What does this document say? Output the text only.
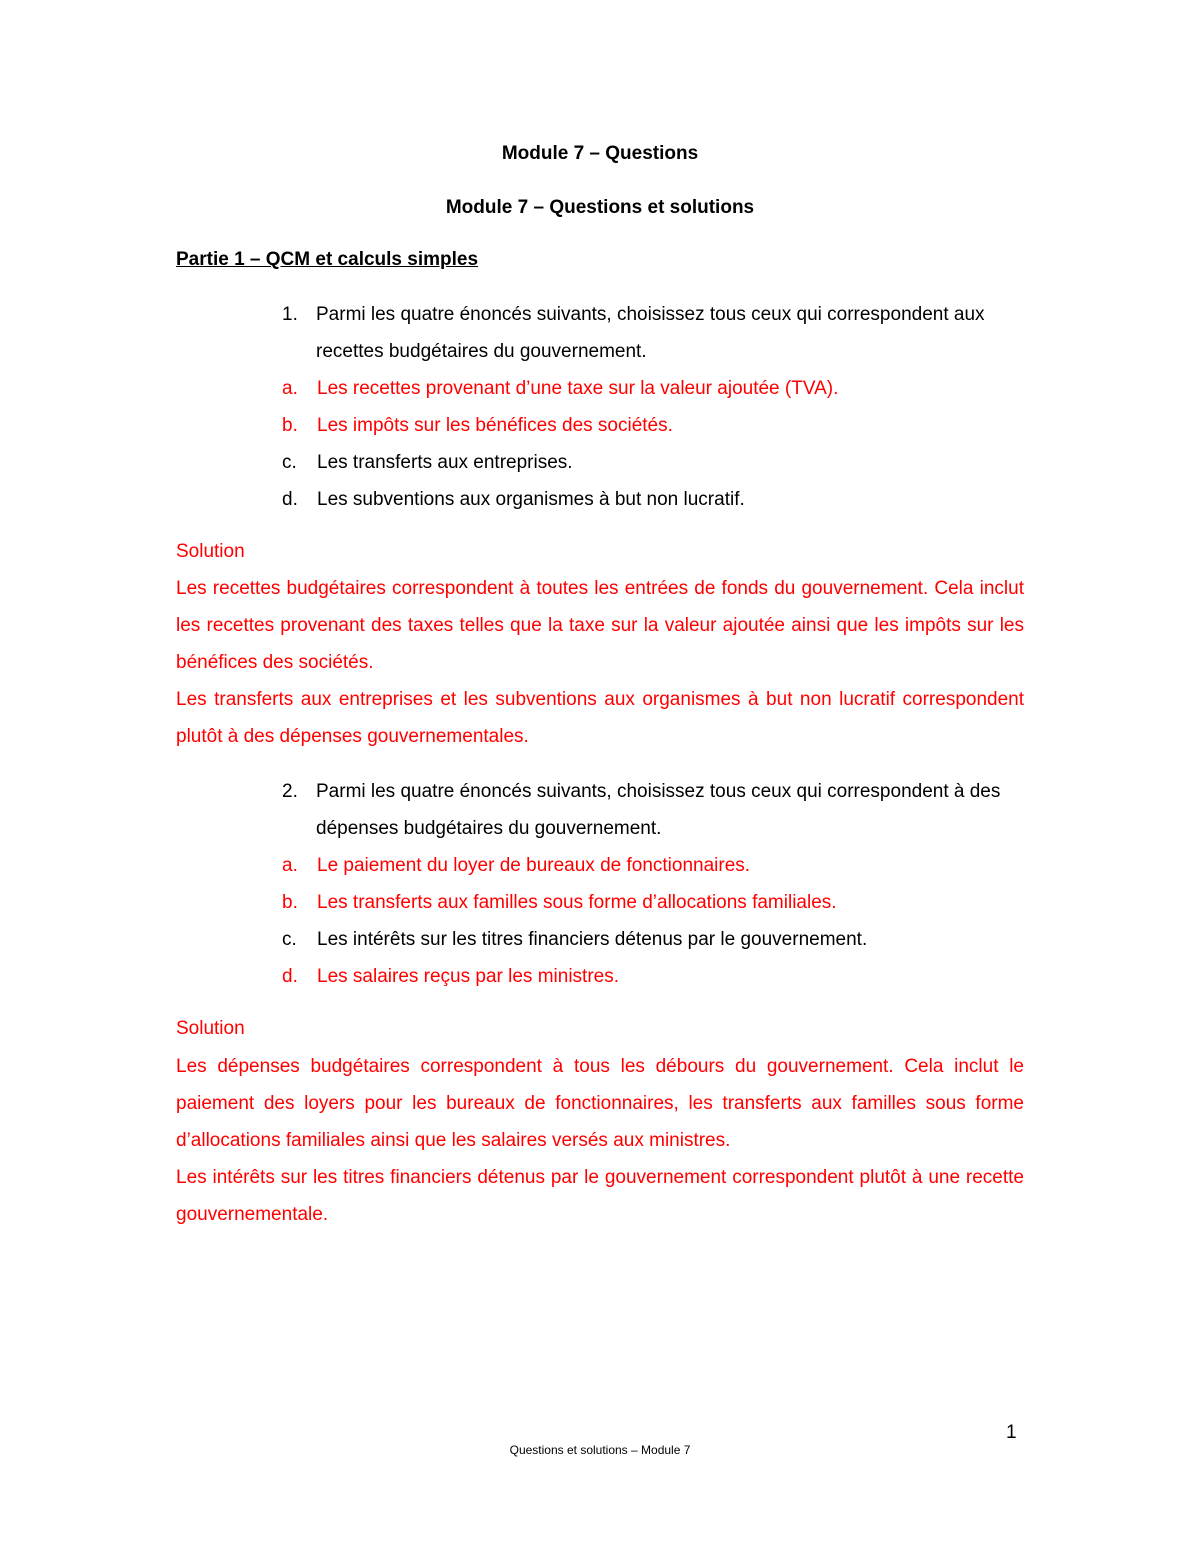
Module 7 – Questions
Module 7 – Questions et solutions
Partie 1 – QCM et calculs simples
1. Parmi les quatre énoncés suivants, choisissez tous ceux qui correspondent aux recettes budgétaires du gouvernement.
a. Les recettes provenant d’une taxe sur la valeur ajoutée (TVA).
b. Les impôts sur les bénéfices des sociétés.
c. Les transferts aux entreprises.
d. Les subventions aux organismes à but non lucratif.
Solution

Les recettes budgétaires correspondent à toutes les entrées de fonds du gouvernement. Cela inclut les recettes provenant des taxes telles que la taxe sur la valeur ajoutée ainsi que les impôts sur les bénéfices des sociétés.

Les transferts aux entreprises et les subventions aux organismes à but non lucratif correspondent plutôt à des dépenses gouvernementales.

2. Parmi les quatre énoncés suivants, choisissez tous ceux qui correspondent à des dépenses budgétaires du gouvernement.
a. Le paiement du loyer de bureaux de fonctionnaires.
b. Les transferts aux familles sous forme d’allocations familiales.
c. Les intérêts sur les titres financiers détenus par le gouvernement.
d. Les salaires reçus par les ministres.
Solution

Les dépenses budgétaires correspondent à tous les débours du gouvernement. Cela inclut le paiement des loyers pour les bureaux de fonctionnaires, les transferts aux familles sous forme d’allocations familiales ainsi que les salaires versés aux ministres.

Les intérêts sur les titres financiers détenus par le gouvernement correspondent plutôt à une recette gouvernementale.

1
Questions et solutions – Module 7
